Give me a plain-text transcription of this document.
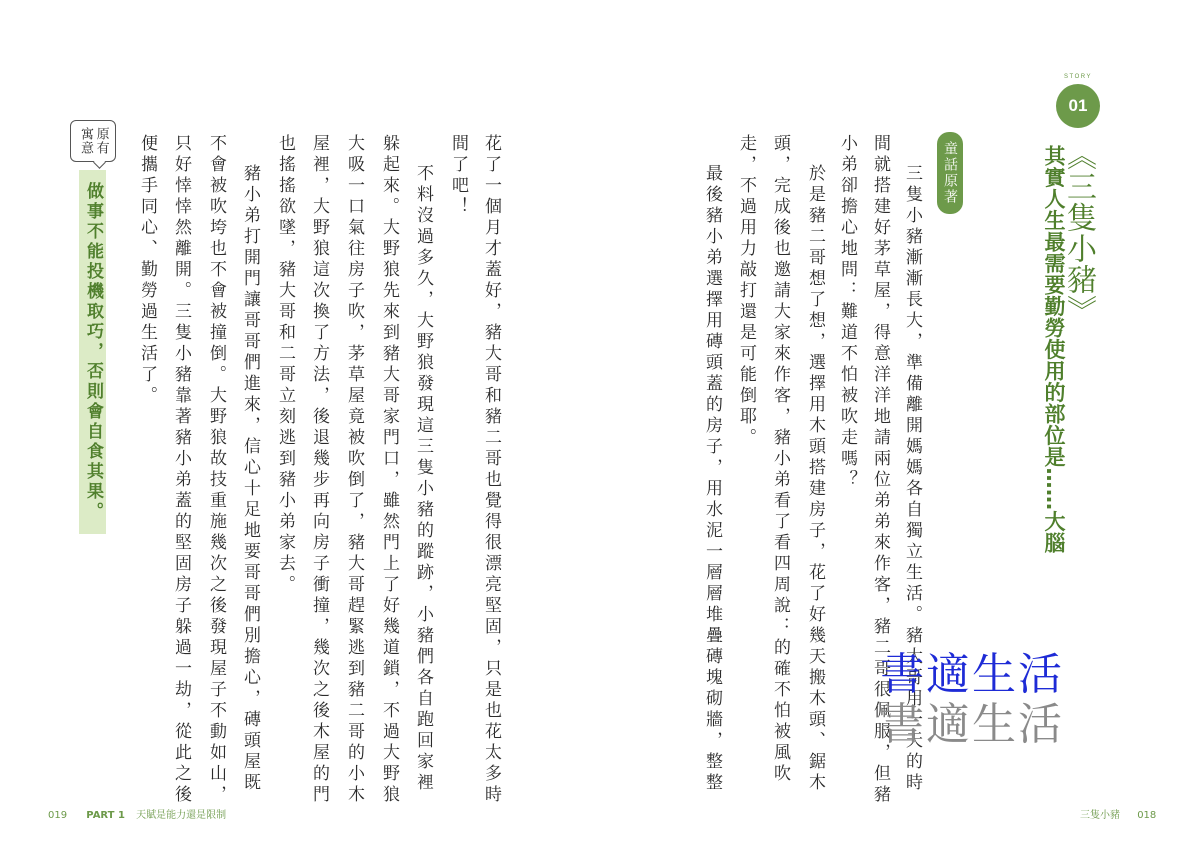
STORY
01
《三隻小豬》
其實人生最需要勤勞使用的部位是……大腦
童話原著
三隻小豬漸漸長大，準備離開媽媽各自獨立生活。豬大哥用一天的時
間就搭建好茅草屋，得意洋洋地請兩位弟弟來作客，豬二哥很佩服，但豬
小弟卻擔心地問：難道不怕被吹走嗎？
於是豬二哥想了想，選擇用木頭搭建房子，花了好幾天搬木頭、鋸木
頭，完成後也邀請大家來作客，豬小弟看了看四周說：的確不怕被風吹
走，不過用力敲打還是可能倒耶。
最後豬小弟選擇用磚頭蓋的房子，用水泥一層層堆疊磚塊砌牆，整整	書適生活
書適生活
花了一個月才蓋好，豬大哥和豬二哥也覺得很漂亮堅固，只是也花太多時
間了吧！
不料沒過多久，大野狼發現這三隻小豬的蹤跡，小豬們各自跑回家裡
躲起來。大野狼先來到豬大哥家門口，雖然門上了好幾道鎖，不過大野狼
大吸一口氣往房子吹，茅草屋竟被吹倒了，豬大哥趕緊逃到豬二哥的小木
屋裡，大野狼這次換了方法，後退幾步再向房子衝撞，幾次之後木屋的門
也搖搖欲墜，豬大哥和二哥立刻逃到豬小弟家去。
豬小弟打開門讓哥哥們進來，信心十足地要哥哥們別擔心，磚頭屋既
不會被吹垮也不會被撞倒。大野狼故技重施幾次之後發現屋子不動如山，
只好悻悻然離開。三隻小豬靠著豬小弟蓋的堅固房子躲過一劫，從此之後
便攜手同心、勤勞過生活了。
原有
寓意
做事不能投機取巧，否則會自食其果。
019 PART 1 天賦是能力還是限制	三隻小豬 018
